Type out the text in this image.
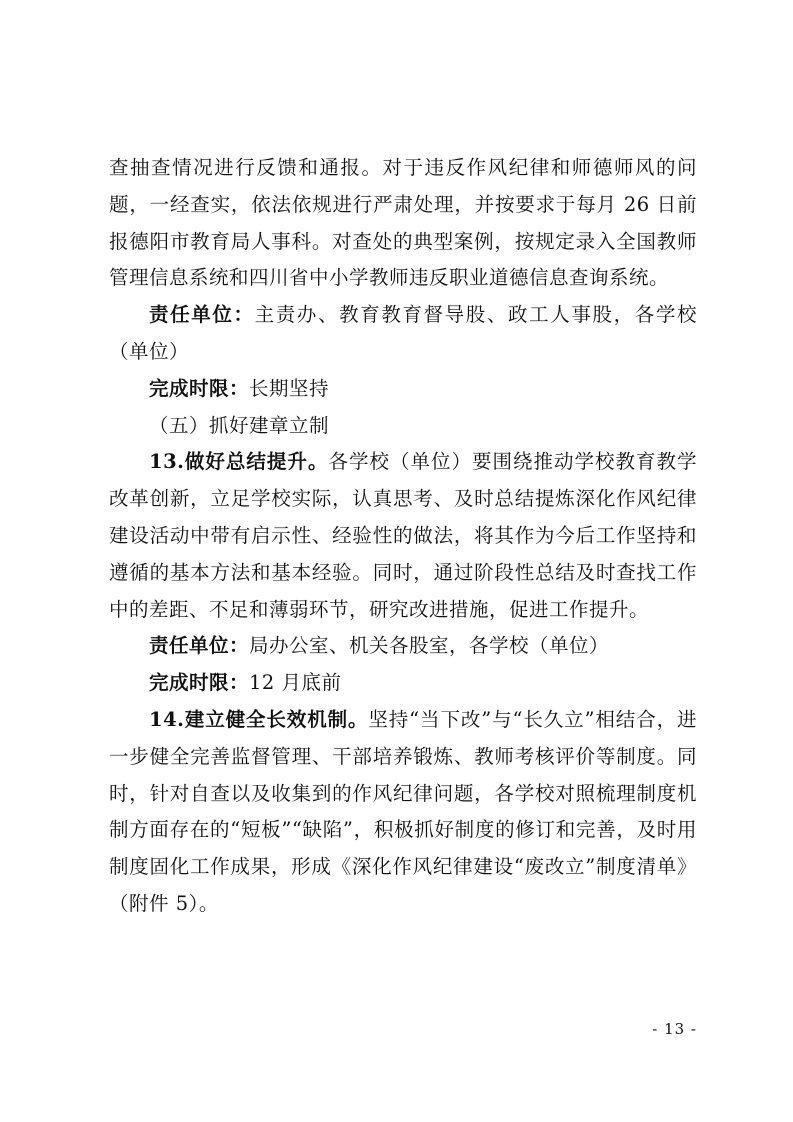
查抽查情况进行反馈和通报。对于违反作风纪律和师德师风的问题，一经查实，依法依规进行严肃处理，并按要求于每月 26 日前报德阳市教育局人事科。对查处的典型案例，按规定录入全国教师管理信息系统和四川省中小学教师违反职业道德信息查询系统。

责任单位：主责办、教育教育督导股、政工人事股，各学校（单位）

完成时限：长期坚持

（五）抓好建章立制

13.做好总结提升。各学校（单位）要围绕推动学校教育教学改革创新，立足学校实际，认真思考、及时总结提炼深化作风纪律建设活动中带有启示性、经验性的做法，将其作为今后工作坚持和遵循的基本方法和基本经验。同时，通过阶段性总结及时查找工作中的差距、不足和薄弱环节，研究改进措施，促进工作提升。

责任单位：局办公室、机关各股室，各学校（单位）

完成时限：12 月底前

14.建立健全长效机制。坚持“当下改”与“长久立”相结合，进一步健全完善监督管理、干部培养锻炼、教师考核评价等制度。同时，针对自查以及收集到的作风纪律问题，各学校对照梳理制度机制方面存在的“短板”“缺陷”，积极抓好制度的修订和完善，及时用制度固化工作成果，形成《深化作风纪律建设“废改立”制度清单》（附件 5）。

- 13 -
